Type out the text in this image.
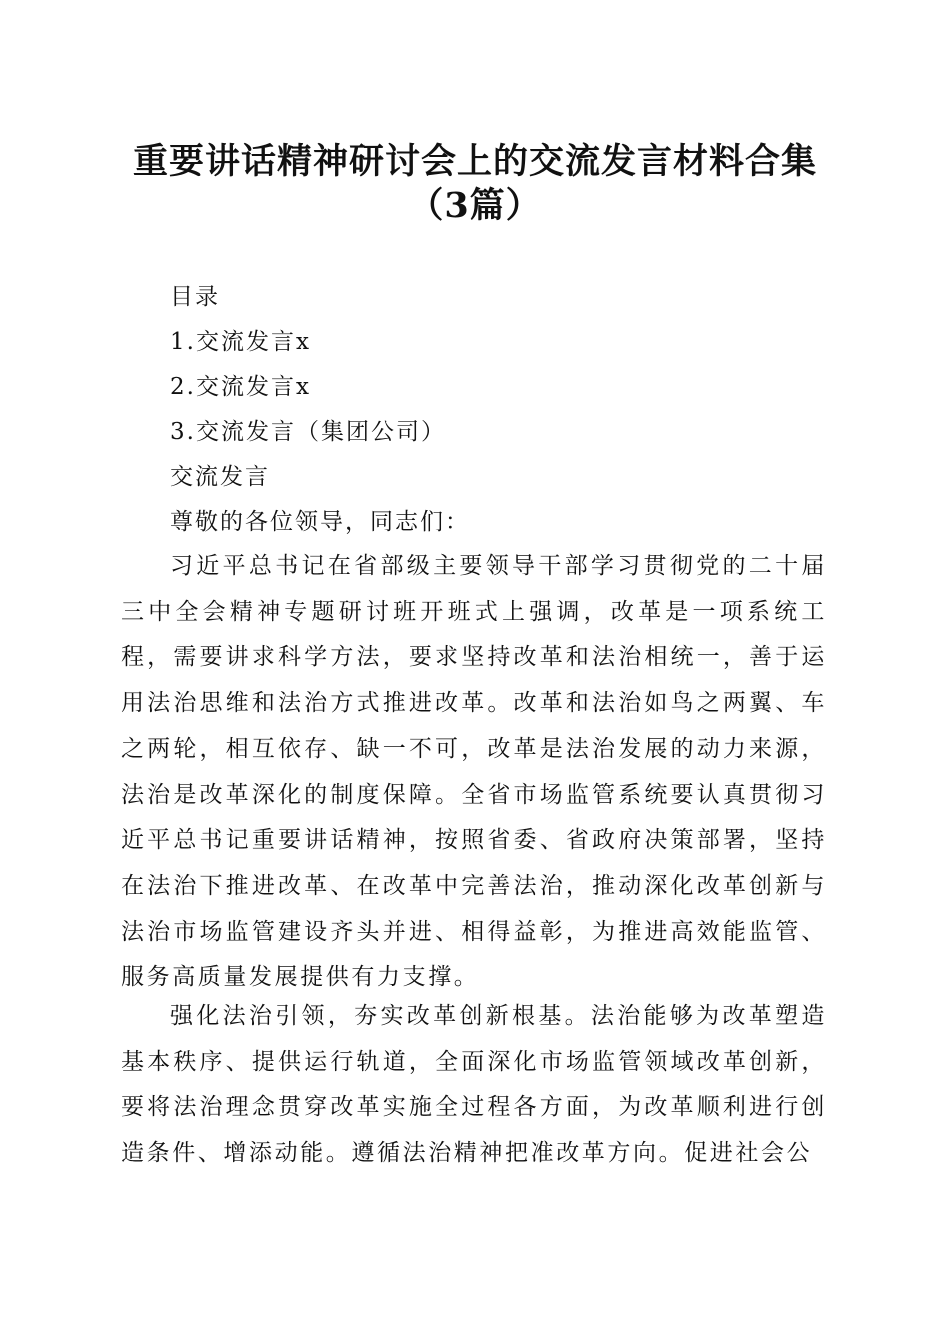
重要讲话精神研讨会上的交流发言材料合集
（3篇）
目录
1.交流发言x
2.交流发言x
3.交流发言（集团公司）
交流发言
尊敬的各位领导，同志们：

习近平总书记在省部级主要领导干部学习贯彻党的二十届三中全会精神专题研讨班开班式上强调，改革是一项系统工程，需要讲求科学方法，要求坚持改革和法治相统一，善于运用法治思维和法治方式推进改革。改革和法治如鸟之两翼、车之两轮，相互依存、缺一不可，改革是法治发展的动力来源，法治是改革深化的制度保障。全省市场监管系统要认真贯彻习近平总书记重要讲话精神，按照省委、省政府决策部署，坚持在法治下推进改革、在改革中完善法治，推动深化改革创新与法治市场监管建设齐头并进、相得益彰，为推进高效能监管、服务高质量发展提供有力支撑。

强化法治引领，夯实改革创新根基。法治能够为改革塑造基本秩序、提供运行轨道，全面深化市场监管领域改革创新，要将法治理念贯穿改革实施全过程各方面，为改革顺利进行创造条件、增添动能。遵循法治精神把准改革方向。促进社会公
